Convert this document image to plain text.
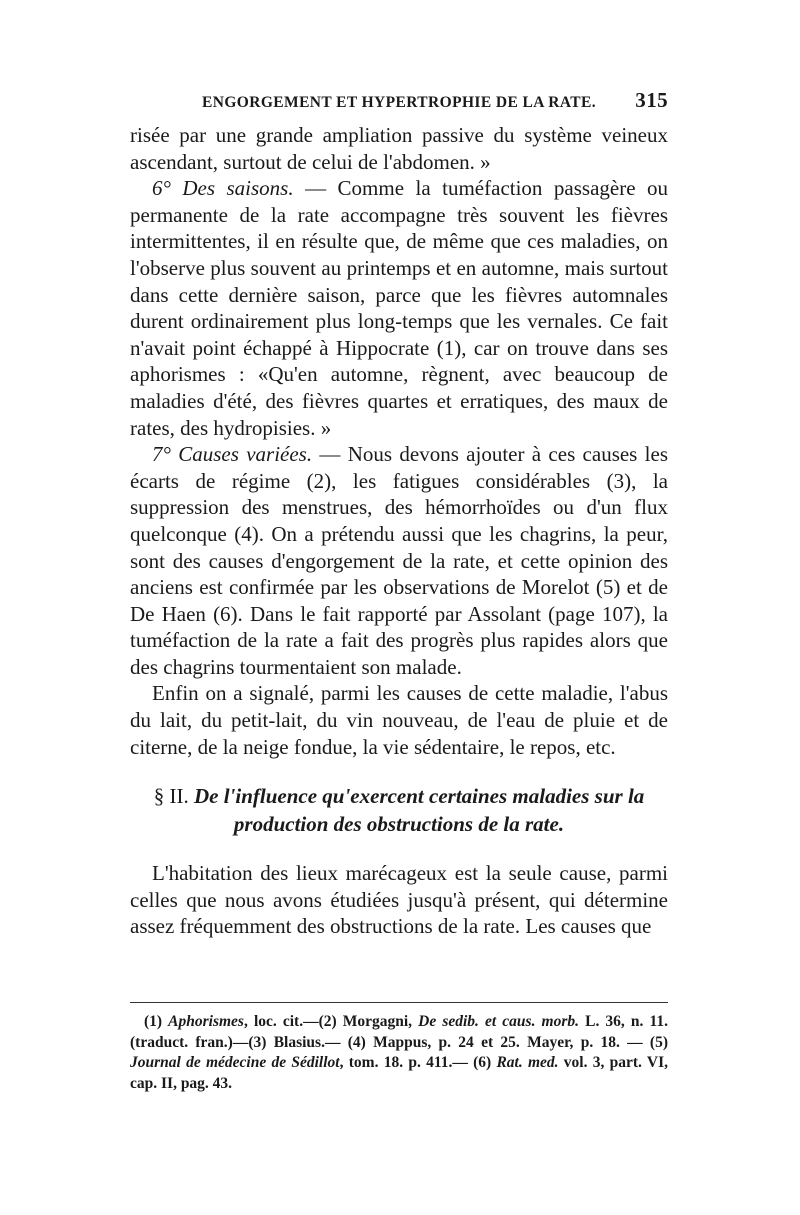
ENGORGEMENT ET HYPERTROPHIE DE LA RATE. 315

risée par une grande ampliation passive du système veineux ascendant, surtout de celui de l'abdomen. »

6° Des saisons. — Comme la tuméfaction passagère ou permanente de la rate accompagne très souvent les fièvres intermittentes, il en résulte que, de même que ces maladies, on l'observe plus souvent au printemps et en automne, mais surtout dans cette dernière saison, parce que les fièvres automnales durent ordinairement plus long-temps que les vernales. Ce fait n'avait point échappé à Hippocrate (1), car on trouve dans ses aphorismes : «Qu'en automne, règnent, avec beaucoup de maladies d'été, des fièvres quartes et erratiques, des maux de rates, des hydropisies. »

7° Causes variées. — Nous devons ajouter à ces causes les écarts de régime (2), les fatigues considérables (3), la suppression des menstrues, des hémorrhoïdes ou d'un flux quelconque (4). On a prétendu aussi que les chagrins, la peur, sont des causes d'engorgement de la rate, et cette opinion des anciens est confirmée par les observations de Morelot (5) et de De Haen (6). Dans le fait rapporté par Assolant (page 107), la tuméfaction de la rate a fait des progrès plus rapides alors que des chagrins tourmentaient son malade.

Enfin on a signalé, parmi les causes de cette maladie, l'abus du lait, du petit-lait, du vin nouveau, de l'eau de pluie et de citerne, de la neige fondue, la vie sédentaire, le repos, etc.

§ II. De l'influence qu'exercent certaines maladies sur la production des obstructions de la rate.

L'habitation des lieux marécageux est la seule cause, parmi celles que nous avons étudiées jusqu'à présent, qui détermine assez fréquemment des obstructions de la rate. Les causes que

(1) Aphorismes, loc. cit.—(2) Morgagni, De sedib. et caus. morb. L. 36, n. 11. (traduct. fran.)—(3) Blasius.— (4) Mappus, p. 24 et 25. Mayer, p. 18. — (5) Journal de médecine de Sédillot, tom. 18. p. 411.— (6) Rat. med. vol. 3, part. VI, cap. II, pag. 43.
